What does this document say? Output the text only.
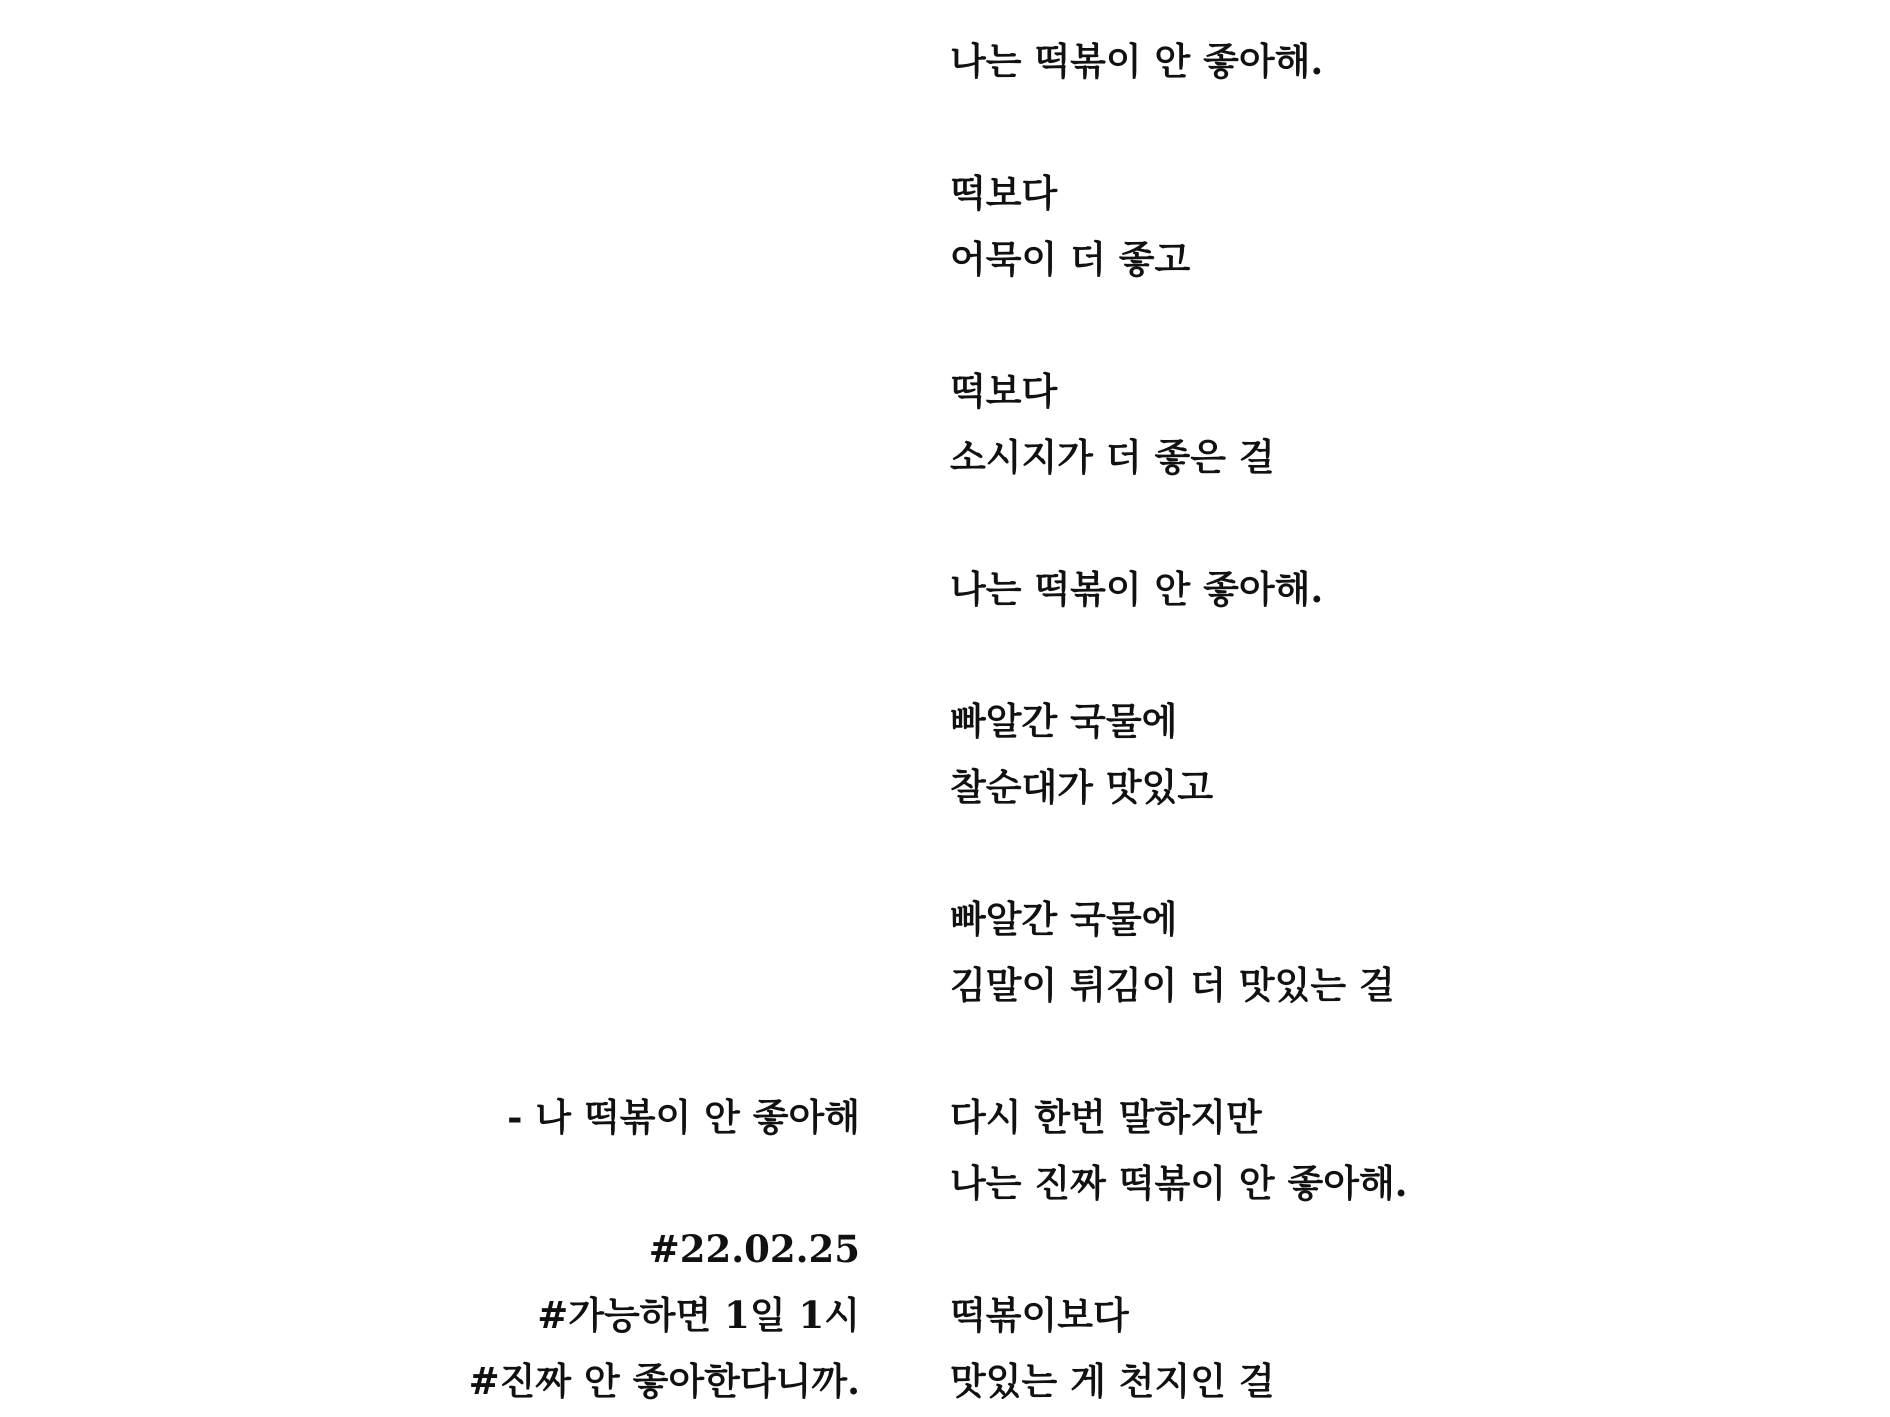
나는 떡볶이 안 좋아해.
떡보다
어묵이 더 좋고
떡보다
소시지가 더 좋은 걸
나는 떡볶이 안 좋아해.
빠알간 국물에
찰순대가 맛있고
빠알간 국물에
김말이 튀김이 더 맛있는 걸
다시 한번 말하지만
나는 진짜 떡볶이 안 좋아해.
떡볶이보다
맛있는 게 천지인 걸
- 나 떡볶이 안 좋아해
#22.02.25
#가능하면 1일 1시
#진짜 안 좋아한다니까.
